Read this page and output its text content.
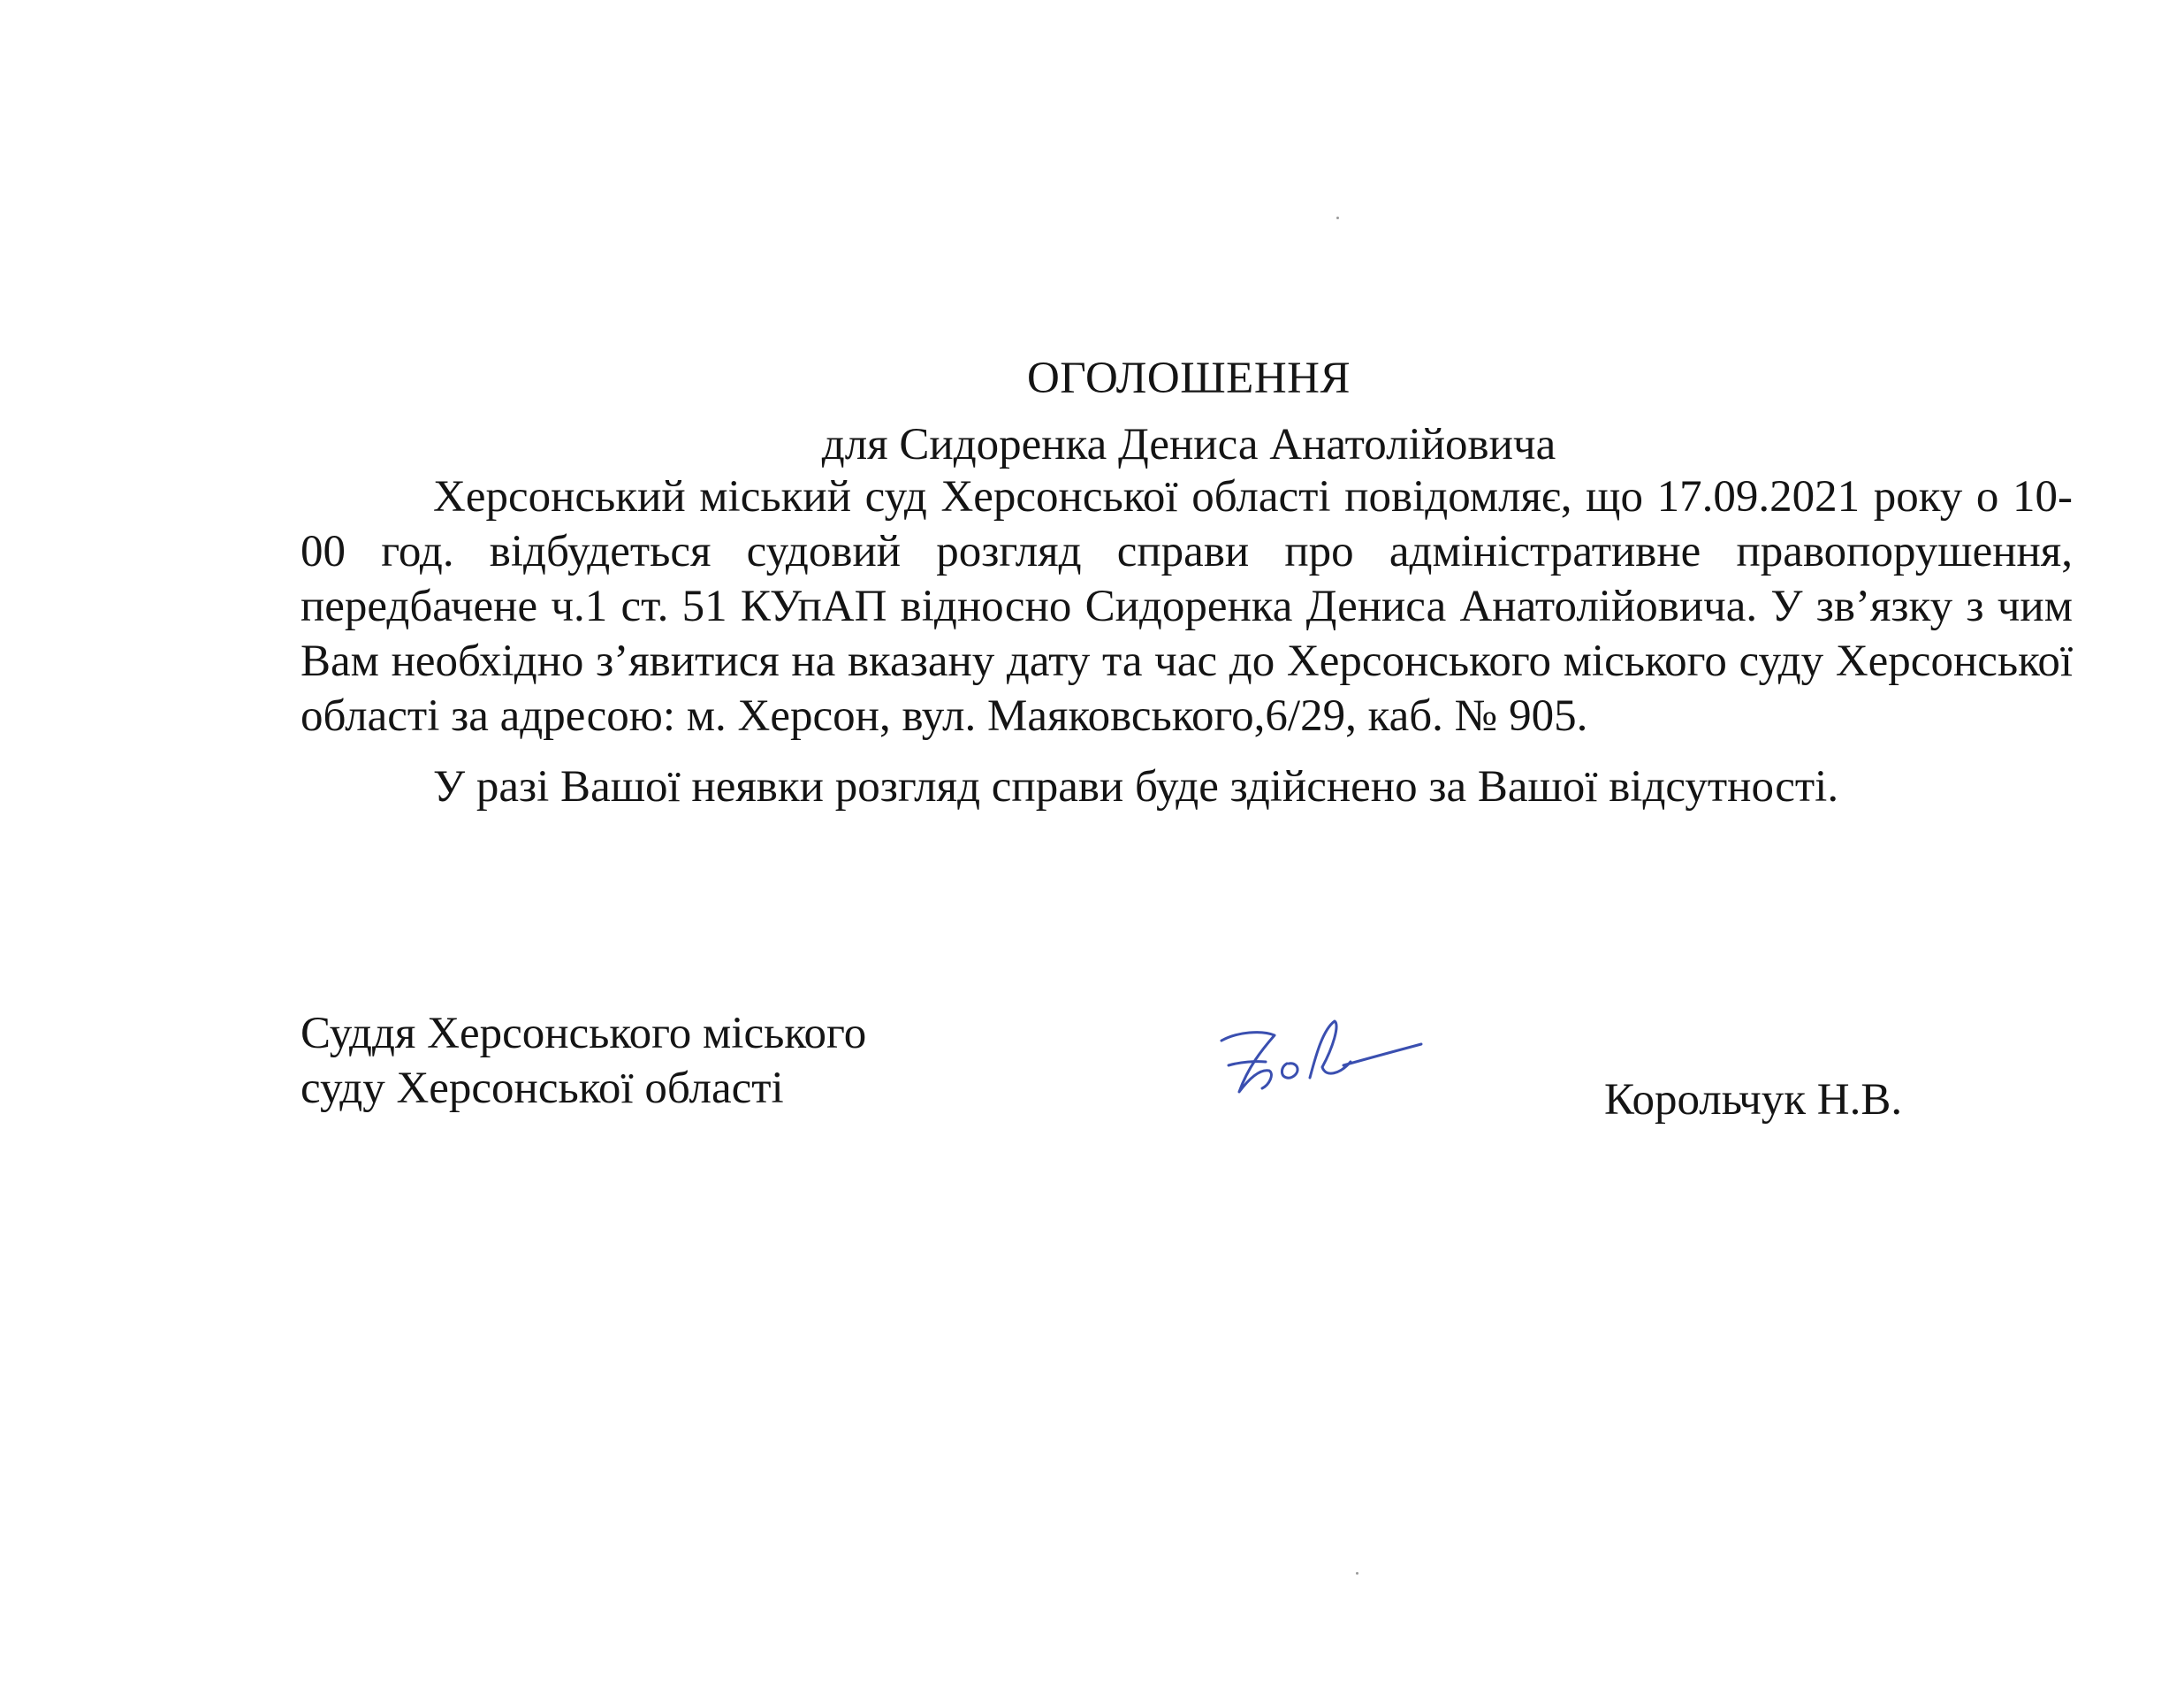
ОГОЛОШЕННЯ
для Сидоренка Дениса Анатолійовича

Херсонський міський суд Херсонської області повідомляє, що 17.09.2021 року о 10-00 год. відбудеться судовий розгляд справи про адміністративне правопорушення, передбачене ч.1 ст. 51 КУпАП відносно Сидоренка Дениса Анатолійовича. У зв’язку з чим Вам необхідно з’явитися на вказану дату та час до Херсонського міського суду Херсонської області за адресою: м. Херсон, вул. Маяковського,6/29, каб. № 905.

У разі Вашої неявки розгляд справи буде здійснено за Вашої відсутності.

Суддя Херсонського міського
суду Херсонської області	Корольчук Н.В.
